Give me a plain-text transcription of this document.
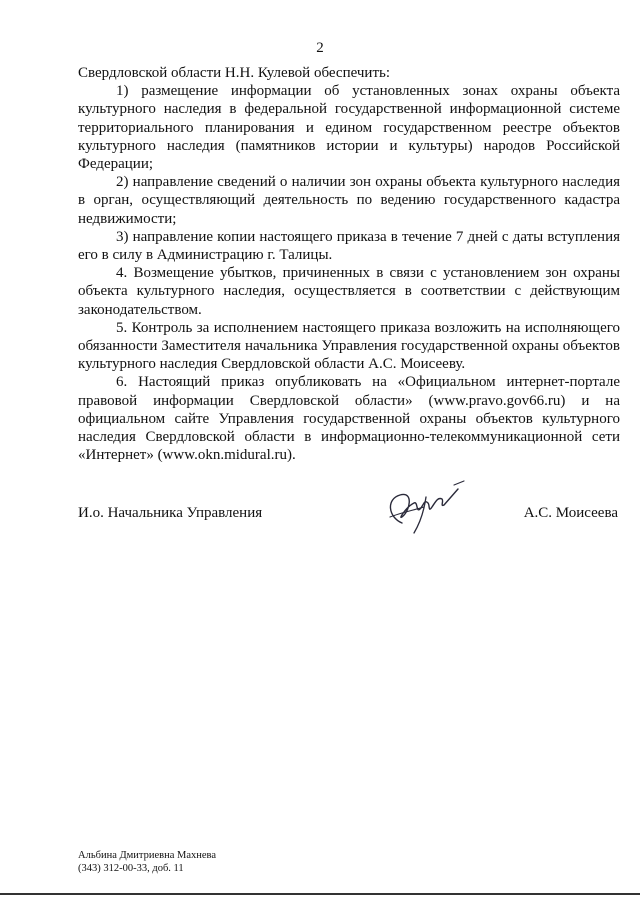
2

Свердловской области Н.Н. Кулевой обеспечить:

1) размещение информации об установленных зонах охраны объекта культурного наследия в федеральной государственной информационной системе территориального планирования и едином государственном реестре объектов культурного наследия (памятников истории и культуры) народов Российской Федерации;

2) направление сведений о наличии зон охраны объекта культурного наследия в орган, осуществляющий деятельность по ведению государственного кадастра недвижимости;

3) направление копии настоящего приказа в течение 7 дней с даты вступления его в силу в Администрацию г. Талицы.

4. Возмещение убытков, причиненных в связи с установлением зон охраны объекта культурного наследия, осуществляется в соответствии с действующим законодательством.

5. Контроль за исполнением настоящего приказа возложить на исполняющего обязанности Заместителя начальника Управления государственной охраны объектов культурного наследия Свердловской области А.С. Моисееву.

6. Настоящий приказ опубликовать на «Официальном интернет-портале правовой информации Свердловской области» (www.pravo.gov66.ru) и на официальном сайте Управления государственной охраны объектов культурного наследия Свердловской области в информационно-телекоммуникационной сети «Интернет» (www.okn.midural.ru).

И.о. Начальника Управления	А.С. Моисеева
Альбина Дмитриевна Махнева
(343) 312-00-33, доб. 11
